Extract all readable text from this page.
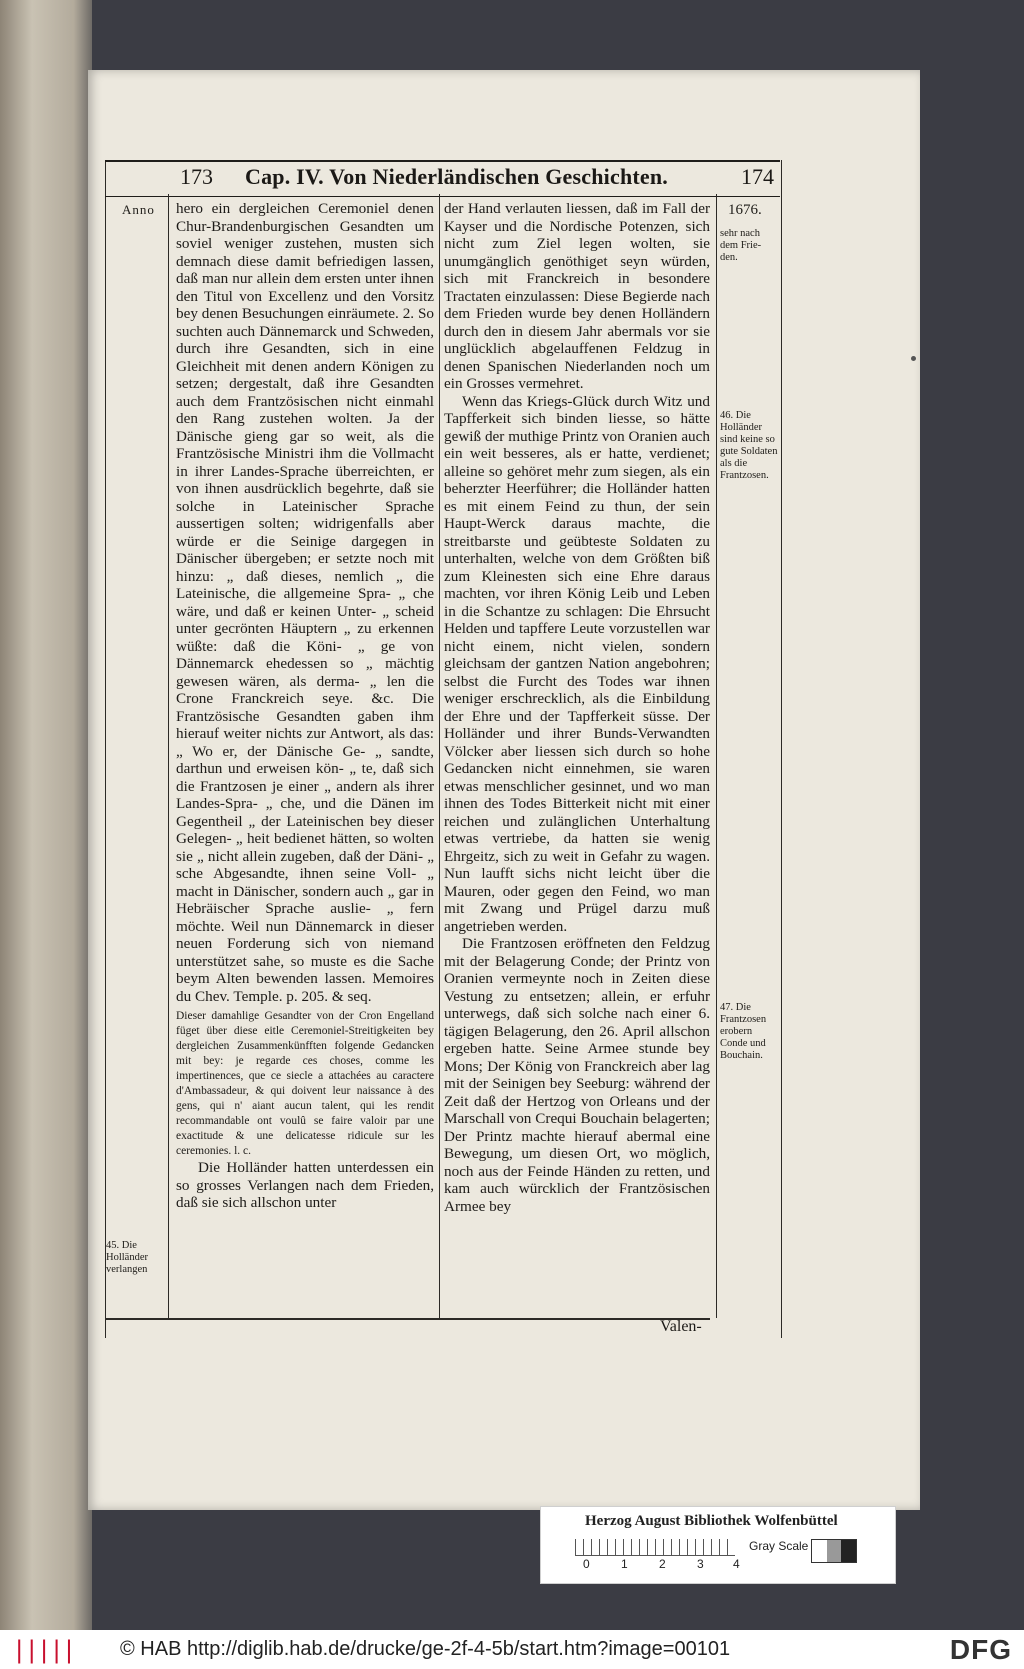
173 Cap. IV. Von Niederländischen Geschichten.	174
Anno
45. Die Holländer verlangen
1676.
sehr nach dem Frie-den.
46. Die Holländer sind keine so gute Soldaten als die Frantzosen.
47. Die Frantzosen erobern Conde und Bouchain.

hero ein dergleichen Ceremoniel denen Chur-Brandenburgischen Gesandten um soviel weniger zustehen, musten sich demnach diese damit befriedigen lassen, daß man nur allein dem ersten unter ihnen den Titul von Excellenz und den Vorsitz bey denen Besuchungen einräumete. 2. So suchten auch Dännemarck und Schweden, durch ihre Gesandten, sich in eine Gleichheit mit denen andern Königen zu setzen; dergestalt, daß ihre Gesandten auch dem Frantzösischen nicht einmahl den Rang zustehen wolten. Ja der Dänische gieng gar so weit, als die Frantzösische Ministri ihm die Vollmacht in ihrer Landes-Sprache überreichten, er von ihnen ausdrücklich begehrte, daß sie solche in Lateinischer Sprache aussertigen solten; widrigenfalls aber würde er die Seinige dargegen in Dänischer übergeben; er setzte noch mit hinzu: „ daß dieses, nemlich „ die Lateinische, die allgemeine Spra- „ che wäre, und daß er keinen Unter- „ scheid unter gecrönten Häuptern „ zu erkennen wüßte: daß die Köni- „ ge von Dännemarck ehedessen so „ mächtig gewesen wären, als derma- „ len die Crone Franckreich seye. &c. Die Frantzösische Gesandten gaben ihm hierauf weiter nichts zur Antwort, als das: „ Wo er, der Dänische Ge- „ sandte, darthun und erweisen kön- „ te, daß sich die Frantzosen je einer „ andern als ihrer Landes-Spra- „ che, und die Dänen im Gegentheil „ der Lateinischen bey dieser Gelegen- „ heit bedienet hätten, so wolten sie „ nicht allein zugeben, daß der Däni- „ sche Abgesandte, ihnen seine Voll- „ macht in Dänischer, sondern auch „ gar in Hebräischer Sprache auslie- „ fern möchte. Weil nun Dännemarck in dieser neuen Forderung sich von niemand unterstützet sahe, so muste es die Sache beym Alten bewenden lassen. Memoires du Chev. Temple. p. 205. & seq.

Dieser damahlige Gesandter von der Cron Engelland füget über diese eitle Ceremoniel-Streitigkeiten bey dergleichen Zusammenkünfften folgende Gedancken mit bey: je regarde ces choses, comme les impertinences, que ce siecle a attachées au caractere d'Ambassadeur, & qui doivent leur naissance à des gens, qui n' aiant aucun talent, qui les rendit recommandable ont voulû se faire valoir par une exactitude & une delicatesse ridicule sur les ceremonies. l. c.

Die Holländer hatten unterdessen ein so grosses Verlangen nach dem Frieden, daß sie sich allschon unter

der Hand verlauten liessen, daß im Fall der Kayser und die Nordische Potenzen, sich nicht zum Ziel legen wolten, sie unumgänglich genöthiget seyn würden, sich mit Franckreich in besondere Tractaten einzulassen: Diese Begierde nach dem Frieden wurde bey denen Holländern durch den in diesem Jahr abermals vor sie unglücklich abgelauffenen Feldzug in denen Spanischen Niederlanden noch um ein Grosses vermehret.

Wenn das Kriegs-Glück durch Witz und Tapfferkeit sich binden liesse, so hätte gewiß der muthige Printz von Oranien auch ein weit besseres, als er hatte, verdienet; alleine so gehöret mehr zum siegen, als ein beherzter Heerführer; die Holländer hatten es mit einem Feind zu thun, der sein Haupt-Werck daraus machte, die streitbarste und geübteste Soldaten zu unterhalten, welche von dem Größten biß zum Kleinesten sich eine Ehre daraus machten, vor ihren König Leib und Leben in die Schantze zu schlagen: Die Ehrsucht Helden und tapffere Leute vorzustellen war nicht einem, nicht vielen, sondern gleichsam der gantzen Nation angebohren; selbst die Furcht des Todes war ihnen weniger erschrecklich, als die Einbildung der Ehre und der Tapfferkeit süsse. Der Holländer und ihrer Bunds-Verwandten Völcker aber liessen sich durch so hohe Gedancken nicht einnehmen, sie waren etwas menschlicher gesinnet, und wo man ihnen des Todes Bitterkeit nicht mit einer reichen und zulänglichen Unterhaltung etwas vertriebe, da hatten sie wenig Ehrgeitz, sich zu weit in Gefahr zu wagen. Nun laufft sichs nicht leicht über die Mauren, oder gegen den Feind, wo man mit Zwang und Prügel darzu muß angetrieben werden.

Die Frantzosen eröffneten den Feldzug mit der Belagerung Conde; der Printz von Oranien vermeynte noch in Zeiten diese Vestung zu entsetzen; allein, er erfuhr unterwegs, daß sich solche nach einer 6. tägigen Belagerung, den 26. April allschon ergeben hatte. Seine Armee stunde bey Mons; Der König von Franckreich aber lag mit der Seinigen bey Seeburg: während der Zeit daß der Hertzog von Orleans und der Marschall von Crequi Bouchain belagerten; Der Printz machte hierauf abermal eine Bewegung, um diesen Ort, wo möglich, noch aus der Feinde Händen zu retten, und kam auch würcklich der Frantzösischen Armee bey

Valen-
Herzog August Bibliothek Wolfenbüttel
0	1	2	3 4
Gray Scale
||||| © HAB http://diglib.hab.de/drucke/ge-2f-4-5b/start.htm?image=00101	DFG
